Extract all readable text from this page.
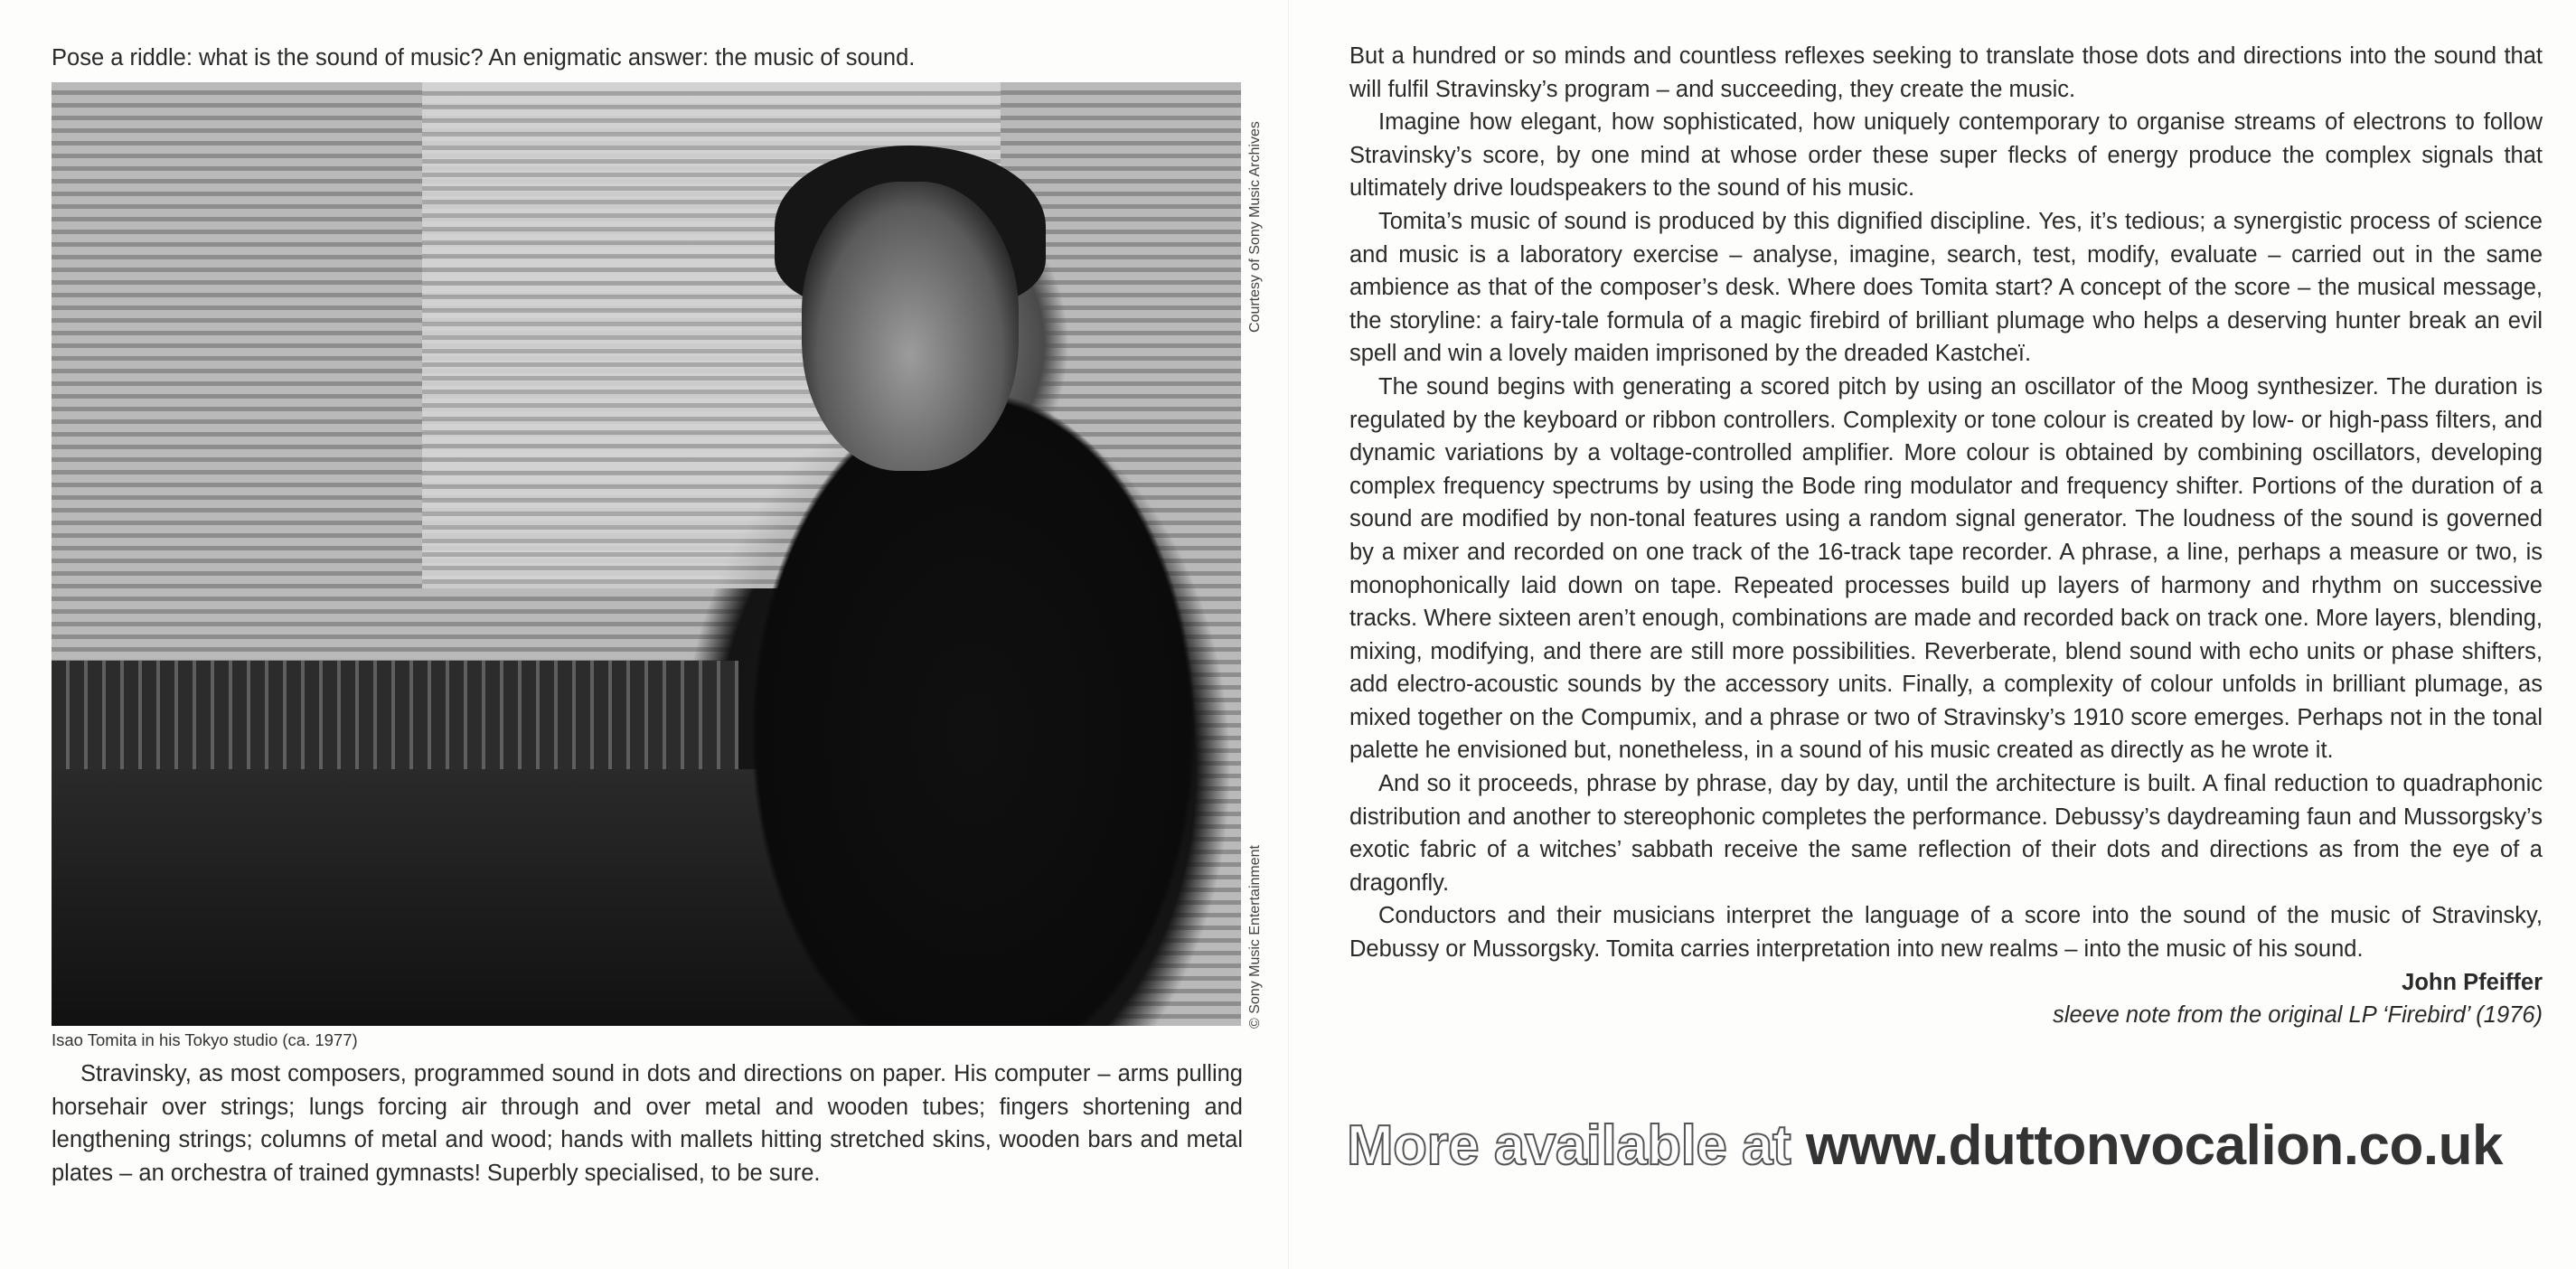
Pose a riddle: what is the sound of music? An enigmatic answer: the music of sound.
Courtesy of Sony Music Archives
© Sony Music Entertainment
Isao Tomita in his Tokyo studio (ca. 1977)

Stravinsky, as most composers, programmed sound in dots and directions on paper. His computer – arms pulling horsehair over strings; lungs forcing air through and over metal and wooden tubes; fingers shortening and lengthening strings; columns of metal and wood; hands with mallets hitting stretched skins, wooden bars and metal plates – an orchestra of trained gymnasts! Superbly specialised, to be sure.

But a hundred or so minds and countless reflexes seeking to translate those dots and directions into the sound that will fulfil Stravinsky’s program – and succeeding, they create the music.

Imagine how elegant, how sophisticated, how uniquely contemporary to organise streams of electrons to follow Stravinsky’s score, by one mind at whose order these super flecks of energy produce the complex signals that ultimately drive loudspeakers to the sound of his music.

Tomita’s music of sound is produced by this dignified discipline. Yes, it’s tedious; a synergistic process of science and music is a laboratory exercise – analyse, imagine, search, test, modify, evaluate – carried out in the same ambience as that of the composer’s desk. Where does Tomita start? A concept of the score – the musical message, the storyline: a fairy-tale formula of a magic firebird of brilliant plumage who helps a deserving hunter break an evil spell and win a lovely maiden imprisoned by the dreaded Kastcheï.

The sound begins with generating a scored pitch by using an oscillator of the Moog synthesizer. The duration is regulated by the keyboard or ribbon controllers. Complexity or tone colour is created by low- or high-pass filters, and dynamic variations by a voltage-controlled amplifier. More colour is obtained by combining oscillators, developing complex frequency spectrums by using the Bode ring modulator and frequency shifter. Portions of the duration of a sound are modified by non-tonal features using a random signal generator. The loudness of the sound is governed by a mixer and recorded on one track of the 16-track tape recorder. A phrase, a line, perhaps a measure or two, is monophonically laid down on tape. Repeated processes build up layers of harmony and rhythm on successive tracks. Where sixteen aren’t enough, combinations are made and recorded back on track one. More layers, blending, mixing, modifying, and there are still more possibilities. Reverberate, blend sound with echo units or phase shifters, add electro-acoustic sounds by the accessory units. Finally, a complexity of colour unfolds in brilliant plumage, as mixed together on the Compumix, and a phrase or two of Stravinsky’s 1910 score emerges. Perhaps not in the tonal palette he envisioned but, nonetheless, in a sound of his music created as directly as he wrote it.

And so it proceeds, phrase by phrase, day by day, until the architecture is built. A final reduction to quadraphonic distribution and another to stereophonic completes the performance. Debussy’s daydreaming faun and Mussorgsky’s exotic fabric of a witches’ sabbath receive the same reflection of their dots and directions as from the eye of a dragonfly.

Conductors and their musicians interpret the language of a score into the sound of the music of Stravinsky, Debussy or Mussorgsky. Tomita carries interpretation into new realms – into the music of his sound.

John Pfeiffer

sleeve note from the original LP ‘Firebird’ (1976)

More available at www.duttonvocalion.co.uk
